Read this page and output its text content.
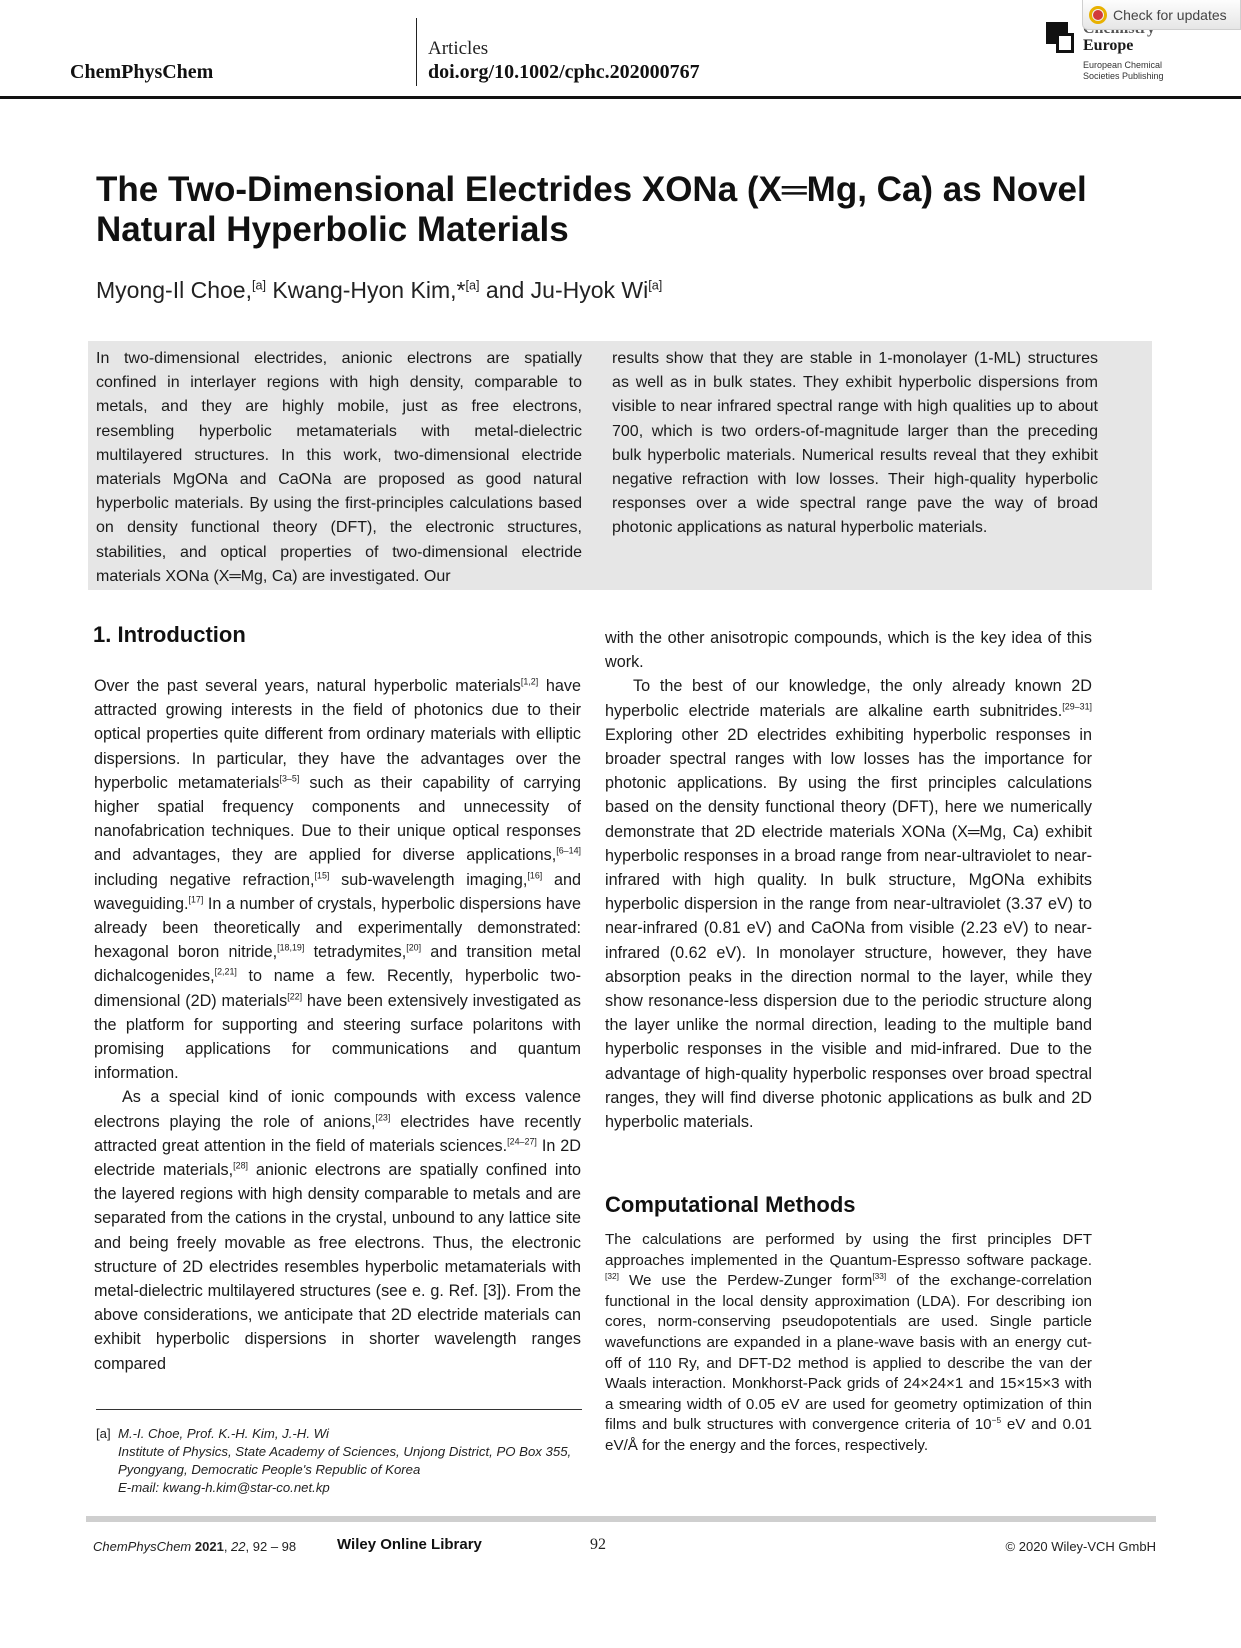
ChemPhysChem
Articles
doi.org/10.1002/cphc.202000767
Europe
European Chemical
Societies Publishing
Check for updates
The Two-Dimensional Electrides XONa (X═Mg, Ca) as Novel
Natural Hyperbolic Materials
Myong-Il Choe,[a] Kwang-Hyon Kim,*[a] and Ju-Hyok Wi[a]
In two-dimensional electrides, anionic electrons are spatially confined in interlayer regions with high density, comparable to metals, and they are highly mobile, just as free electrons, resembling hyperbolic metamaterials with metal-dielectric multilayered structures. In this work, two-dimensional electride materials MgONa and CaONa are proposed as good natural hyperbolic materials. By using the first-principles calculations based on density functional theory (DFT), the electronic structures, stabilities, and optical properties of two-dimensional electride materials XONa (X═Mg, Ca) are investigated. Our
results show that they are stable in 1-monolayer (1-ML) structures as well as in bulk states. They exhibit hyperbolic dispersions from visible to near infrared spectral range with high qualities up to about 700, which is two orders-of-magnitude larger than the preceding bulk hyperbolic materials. Numerical results reveal that they exhibit negative refraction with low losses. Their high-quality hyperbolic responses over a wide spectral range pave the way of broad photonic applications as natural hyperbolic materials.
1. Introduction

Over the past several years, natural hyperbolic materials[1,2] have attracted growing interests in the field of photonics due to their optical properties quite different from ordinary materials with elliptic dispersions. In particular, they have the advantages over the hyperbolic metamaterials[3–5] such as their capability of carrying higher spatial frequency components and unnecessity of nanofabrication techniques. Due to their unique optical responses and advantages, they are applied for diverse applications,[6–14] including negative refraction,[15] sub-wavelength imaging,[16] and waveguiding.[17] In a number of crystals, hyperbolic dispersions have already been theoretically and experimentally demonstrated: hexagonal boron nitride,[18,19] tetradymites,[20] and transition metal dichalcogenides,[2,21] to name a few. Recently, hyperbolic two-dimensional (2D) materials[22] have been extensively investigated as the platform for supporting and steering surface polaritons with promising applications for communications and quantum information.

As a special kind of ionic compounds with excess valence electrons playing the role of anions,[23] electrides have recently attracted great attention in the field of materials sciences.[24–27] In 2D electride materials,[28] anionic electrons are spatially confined into the layered regions with high density comparable to metals and are separated from the cations in the crystal, unbound to any lattice site and being freely movable as free electrons. Thus, the electronic structure of 2D electrides resembles hyperbolic metamaterials with metal-dielectric multilayered structures (see e. g. Ref. [3]). From the above considerations, we anticipate that 2D electride materials can exhibit hyperbolic dispersions in shorter wavelength ranges compared

[a] M.-I. Choe, Prof. K.-H. Kim, J.-H. Wi
Institute of Physics, State Academy of Sciences, Unjong District, PO Box 355,
Pyongyang, Democratic People's Republic of Korea
E-mail: kwang-h.kim@star-co.net.kp

with the other anisotropic compounds, which is the key idea of this work.

To the best of our knowledge, the only already known 2D hyperbolic electride materials are alkaline earth subnitrides.[29–31] Exploring other 2D electrides exhibiting hyperbolic responses in broader spectral ranges with low losses has the importance for photonic applications. By using the first principles calculations based on the density functional theory (DFT), here we numerically demonstrate that 2D electride materials XONa (X═Mg, Ca) exhibit hyperbolic responses in a broad range from near-ultraviolet to near-infrared with high quality. In bulk structure, MgONa exhibits hyperbolic dispersion in the range from near-ultraviolet (3.37 eV) to near-infrared (0.81 eV) and CaONa from visible (2.23 eV) to near-infrared (0.62 eV). In monolayer structure, however, they have absorption peaks in the direction normal to the layer, while they show resonance-less dispersion due to the periodic structure along the layer unlike the normal direction, leading to the multiple band hyperbolic responses in the visible and mid-infrared. Due to the advantage of high-quality hyperbolic responses over broad spectral ranges, they will find diverse photonic applications as bulk and 2D hyperbolic materials.

Computational Methods
The calculations are performed by using the first principles DFT approaches implemented in the Quantum-Espresso software package.[32] We use the Perdew-Zunger form[33] of the exchange-correlation functional in the local density approximation (LDA). For describing ion cores, norm-conserving pseudopotentials are used. Single particle wavefunctions are expanded in a plane-wave basis with an energy cut-off of 110 Ry, and DFT-D2 method is applied to describe the van der Waals interaction. Monkhorst-Pack grids of 24×24×1 and 15×15×3 with a smearing width of 0.05 eV are used for geometry optimization of thin films and bulk structures with convergence criteria of $10^{-5}$ eV and 0.01 eV/Å for the energy and the forces, respectively.
ChemPhysChem 2021, 22, 92 – 98	Wiley Online Library	92	© 2020 Wiley-VCH GmbH
